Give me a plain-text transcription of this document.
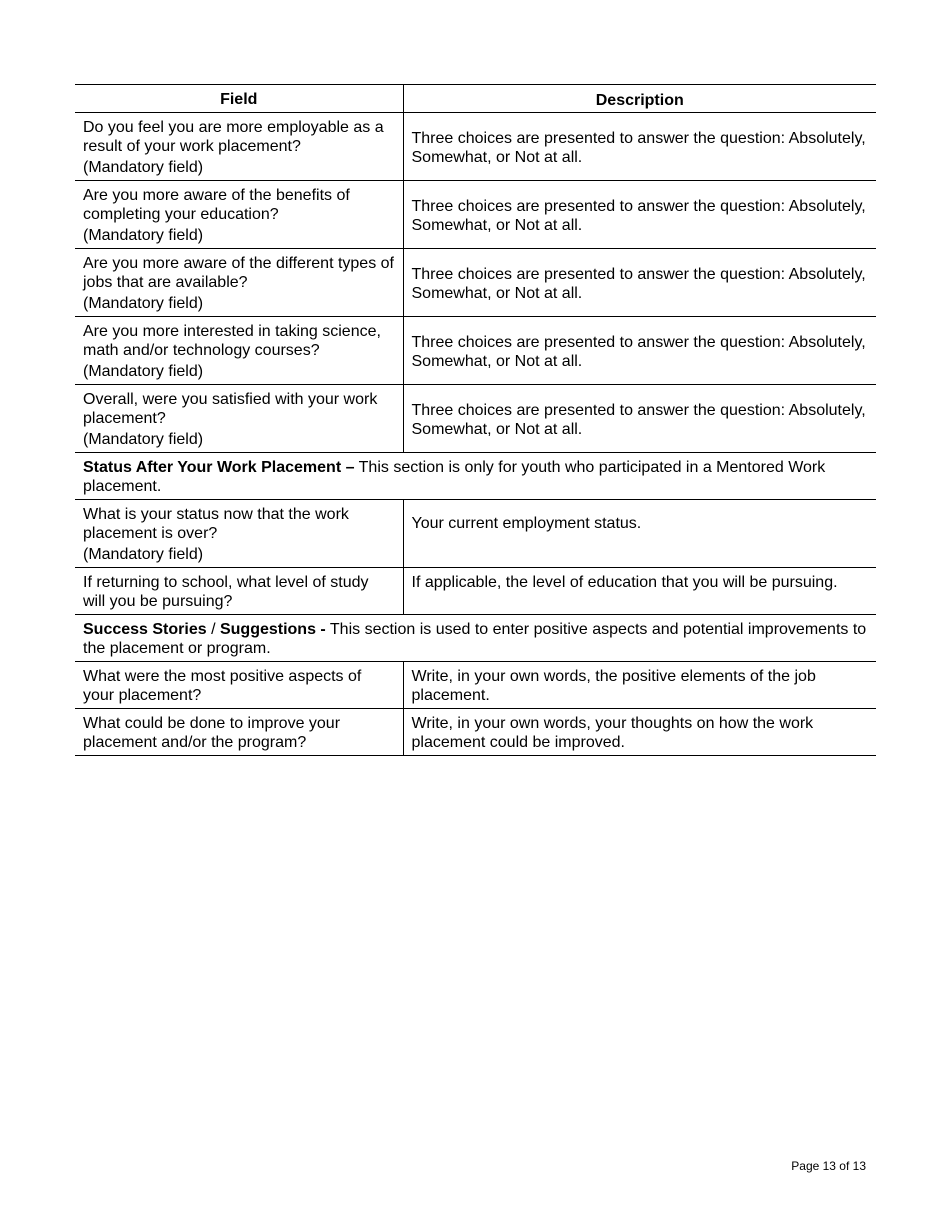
Field	Description
Do you feel you are more employable as a result of your work placement?
(Mandatory field)	Three choices are presented to answer the question: Absolutely, Somewhat, or Not at all.
Are you more aware of the benefits of completing your education?
(Mandatory field)	Three choices are presented to answer the question: Absolutely, Somewhat, or Not at all.
Are you more aware of the different types of jobs that are available?
(Mandatory field)	Three choices are presented to answer the question: Absolutely, Somewhat, or Not at all.
Are you more interested in taking science, math and/or technology courses?
(Mandatory field)	Three choices are presented to answer the question: Absolutely, Somewhat, or Not at all.
Overall, were you satisfied with your work placement?
(Mandatory field)	Three choices are presented to answer the question: Absolutely, Somewhat, or Not at all.
Status After Your Work Placement – This section is only for youth who participated in a Mentored Work placement.	
What is your status now that the work placement is over?
(Mandatory field)	Your current employment status.
If returning to school, what level of study will you be pursuing?	If applicable, the level of education that you will be pursuing.
Success Stories / Suggestions - This section is used to enter positive aspects and potential improvements to the placement or program.	
What were the most positive aspects of your placement?	Write, in your own words, the positive elements of the job placement.
What could be done to improve your placement and/or the program?	Write, in your own words, your thoughts on how the work placement could be improved.
Page 13 of 13
